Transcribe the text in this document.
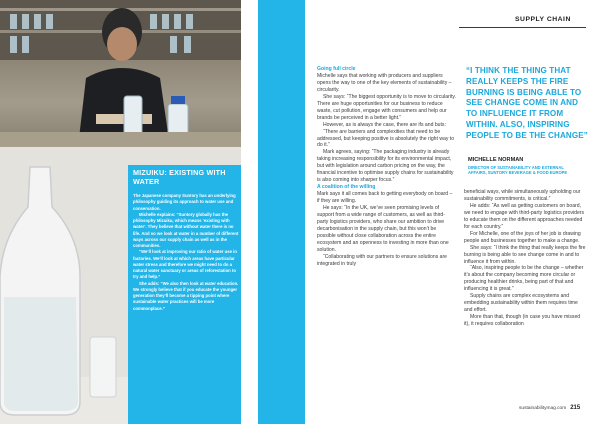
MIZUIKU: EXISTING WITH WATER

The Japanese company Suntory has an underlying philosophy guiding its approach to water use and conservation.

Michelle explains: “Suntory globally has the philosophy Mizuiku, which means ‘existing with water’. They believe that without water there is no life. And so we look at water in a number of different ways across our supply chain as well as in the communities.

“We’ll look at improving our ratio of water use in factories. We’ll look at which areas have particular water stress and therefore we might need to do a natural water sanctuary or areas of reforestation to try and help.”

She adds: “We also then look at water education. We strongly believe that if you educate the younger generation they’ll become a tipping point where sustainable water practices will be more commonplace.”

Going full circle

Michelle says that working with producers and suppliers opens the way to one of the key elements of sustainability – circularity.

She says: “The biggest opportunity is to move to circularity. There are huge opportunities for our business to reduce waste, cut pollution, engage with consumers and help our brands be perceived in a better light.”

However, as is always the case, there are ifs and buts:

“There are barriers and complexities that need to be addressed, but keeping positive is absolutely the right way to do it.”

Mark agrees, saying: “The packaging industry is already taking increasing responsibility for its environmental impact, but with legislation around carbon pricing on the way, the financial incentive to optimise supply chains for sustainability is also coming into sharper focus.”

A coalition of the willing

Mark says it all comes back to getting everybody on board – if they are willing.

He says: “In the UK, we’ve seen promising levels of support from a wide range of customers, as well as third-party logistics providers, who share our ambition to drive decarbonisation in the supply chain, but this won’t be possible without close collaboration across the entire ecosystem and an openness to investing in more than one solution.

“Collaborating with our partners to ensure solutions are integrated in truly

SUPPLY CHAIN
“I THINK THE THING THAT REALLY KEEPS THE FIRE BURNING IS BEING ABLE TO SEE CHANGE COME IN AND TO INFLUENCE IT FROM WITHIN. ALSO, INSPIRING PEOPLE TO BE THE CHANGE”
MICHELLE NORMAN
DIRECTOR OF SUSTAINABILITY AND EXTERNAL AFFAIRS, SUNTORY BEVERAGE & FOOD EUROPE

beneficial ways, while simultaneously upholding our sustainability commitments, is critical.”

He adds: “As well as getting customers on board, we need to engage with third-party logistics providers to educate them on the different approaches needed for each country.”

For Michelle, one of the joys of her job is drawing people and businesses together to make a change.

She says: “I think the thing that really keeps the fire burning is being able to see change come in and to influence it from within.

“Also, inspiring people to be the change – whether it’s about the company becoming more circular or producing healthier drinks, being part of that and influencing it is great.”

Supply chains are complex ecosystems and embedding sustainability within them requires time and effort.

More than that, though (in case you have missed it), it requires collaboration

sustainabilitymag.com 215
